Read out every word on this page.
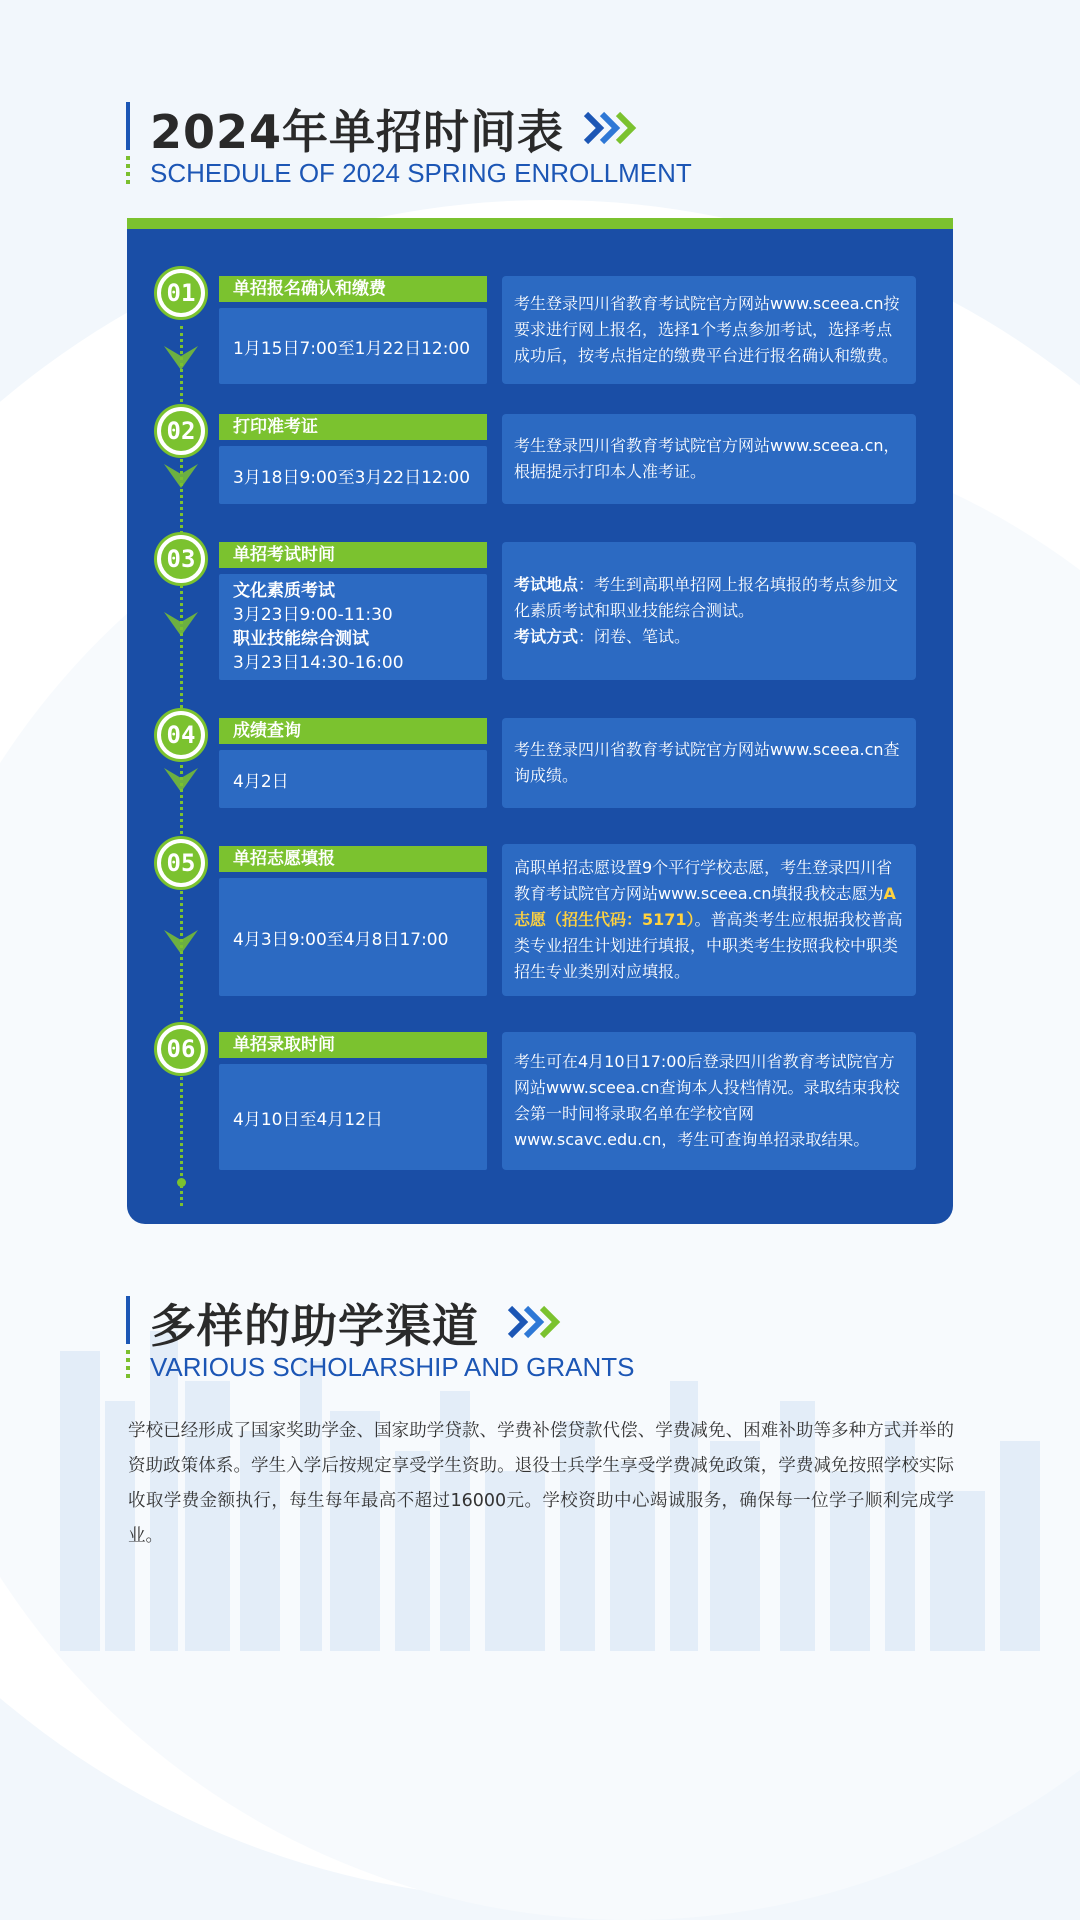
2024年单招时间表
SCHEDULE OF 2024 SPRING ENROLLMENT
01	单招报名确认和缴费
1月15日7:00至1月22日12:00
考生登录四川省教育考试院官方网站www.sceea.cn按要求进行网上报名，选择1个考点参加考试，选择考点成功后，按考点指定的缴费平台进行报名确认和缴费。
02	打印准考证
3月18日9:00至3月22日12:00
考生登录四川省教育考试院官方网站www.sceea.cn，根据提示打印本人准考证。
03	单招考试时间
文化素质考试
3月23日9:00-11:30
职业技能综合测试
3月23日14:30-16:00
考试地点：考生到高职单招网上报名填报的考点参加文化素质考试和职业技能综合测试。
考试方式：闭卷、笔试。
04	成绩查询
4月2日
考生登录四川省教育考试院官方网站www.sceea.cn查询成绩。
05	单招志愿填报
4月3日9:00至4月8日17:00
高职单招志愿设置9个平行学校志愿，考生登录四川省教育考试院官方网站www.sceea.cn填报我校志愿为A志愿（招生代码：5171）。普高类考生应根据我校普高类专业招生计划进行填报，中职类考生按照我校中职类招生专业类别对应填报。
06	单招录取时间
4月10日至4月12日
考生可在4月10日17:00后登录四川省教育考试院官方网站www.sceea.cn查询本人投档情况。录取结束我校会第一时间将录取名单在学校官网www.scavc.edu.cn，考生可查询单招录取结果。
多样的助学渠道
VARIOUS SCHOLARSHIP AND GRANTS
学校已经形成了国家奖助学金、国家助学贷款、学费补偿贷款代偿、学费减免、困难补助等多种方式并举的资助政策体系。学生入学后按规定享受学生资助。退役士兵学生享受学费减免政策，学费减免按照学校实际收取学费金额执行，每生每年最高不超过16000元。学校资助中心竭诚服务，确保每一位学子顺利完成学业。
